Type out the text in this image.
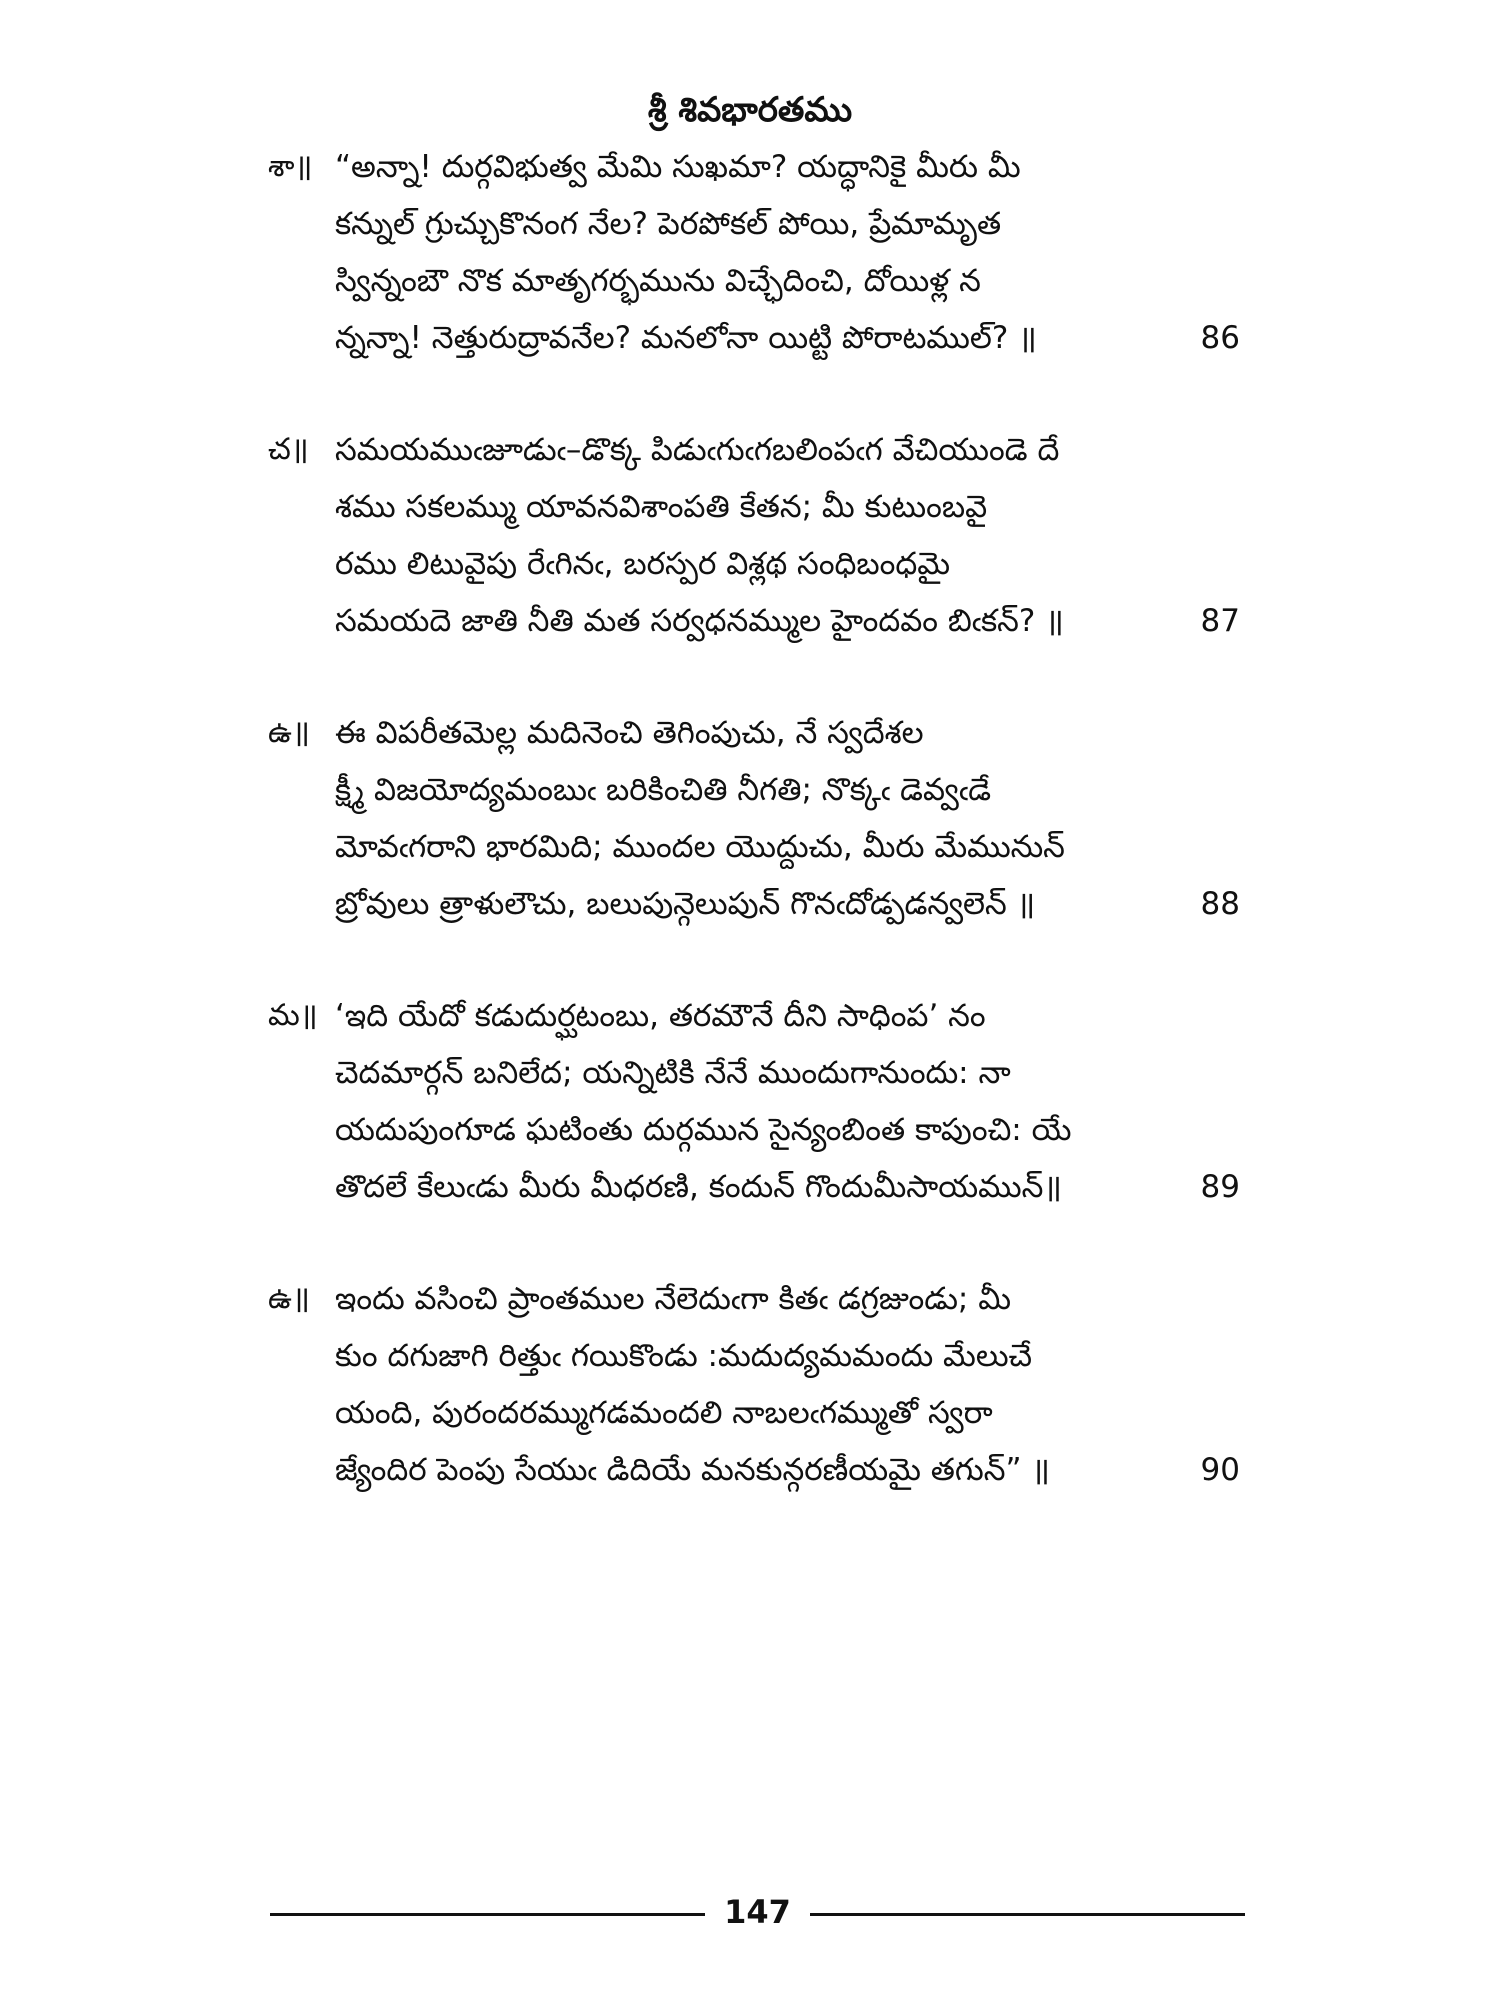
శ్రీ శివభారతము
శా॥ “అన్నా! దుర్గవిభుత్వ మేమి సుఖమా? యద్ధానికై మీరు మీ
కన్నుల్ గ్రుచ్చుకొనంగ నేల? పెరపోకల్ పోయి, ప్రేమామృత
స్విన్నంబౌ నొక మాతృగర్భమును విచ్ఛేదించి, దోయిళ్ల న
న్నన్నా! నెత్తురుద్రావనేల? మనలోనా యిట్టి పోరాటముల్? ॥	86
చ॥ సమయముఁజూడుఁ–డొక్క పిడుఁగుఁగబలింపఁగ వేచియుండె దే
శము సకలమ్ము యావనవిశాంపతి కేతన; మీ కుటుంబవై
రము లిటువైపు రేఁగినఁ, బరస్పర విశ్లథ సంధిబంధమై
సమయదె జాతి నీతి మత సర్వధనమ్ముల హైందవం బిఁకన్? ॥	87
ఉ॥ ఈ విపరీతమెల్ల మదినెంచి తెగింపుచు, నే స్వదేశల
క్ష్మీ విజయోద్యమంబుఁ బరికించితి నీగతి; నొక్కఁ డెవ్వఁడే
మోవఁగరాని భారమిది; ముందల యొద్దుచు, మీరు మేమునున్
బ్రోవులు త్రాళులౌచు, బలుపున్గెలుపున్ గొనఁదోడ్పడన్వలెన్ ॥	88
మ॥ ‘ఇది యేదో కడుదుర్ఘటంబు, తరమౌనే దీని సాధింప’ నం
చెదమార్గన్ బనిలేద; యన్నిటికి నేనే ముందుగానుందు: నా
యదుపుంగూడ ఘటింతు దుర్గమున సైన్యంబింత కాపుంచి: యే
తొదలే కేలుఁడు మీరు మీధరణి, కందున్ గొందుమీసాయమున్॥	89
ఉ॥ ఇందు వసించి ప్రాంతముల నేలెదుఁగా కితఁ డగ్రజుండు; మీ
కుం దగుజాగి రిత్తుఁ గయికొండు :మదుద్యమమందు మేలుచే
యంది, పురందరమ్ముగడమందలి నాబలఁగమ్ముతో స్వరా
జ్యేందిర పెంపు సేయుఁ డిదియే మనకున్గరణీయమై తగున్” ॥	90
147
